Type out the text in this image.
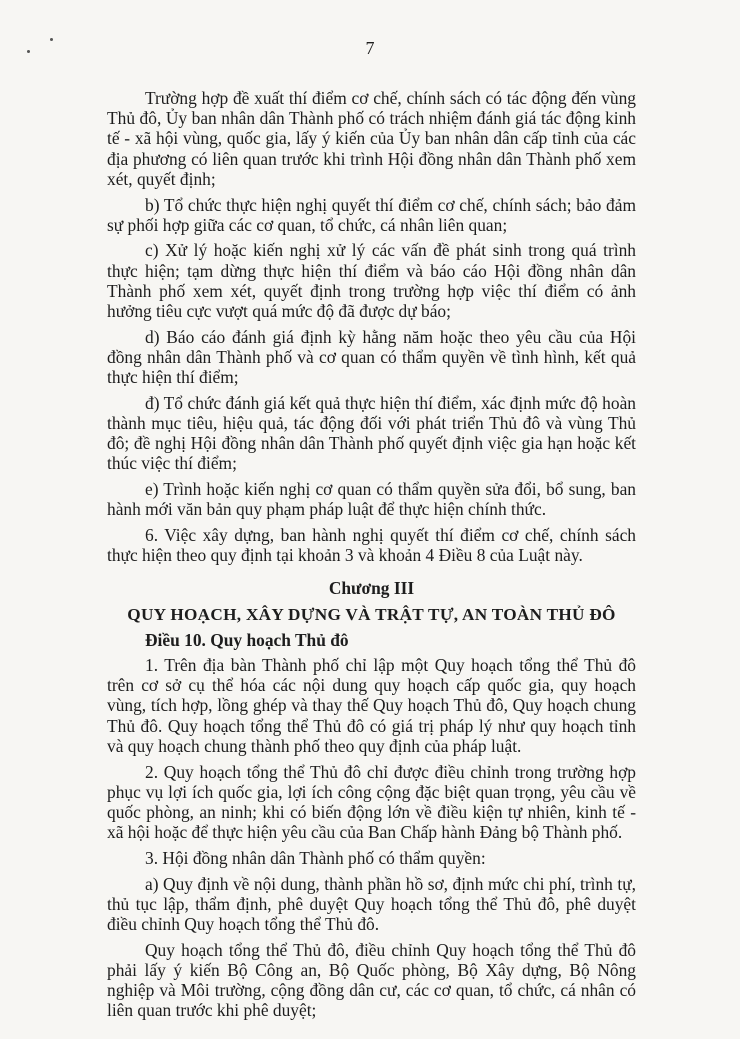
7

Trường hợp đề xuất thí điểm cơ chế, chính sách có tác động đến vùng Thủ đô, Ủy ban nhân dân Thành phố có trách nhiệm đánh giá tác động kinh tế - xã hội vùng, quốc gia, lấy ý kiến của Ủy ban nhân dân cấp tỉnh của các địa phương có liên quan trước khi trình Hội đồng nhân dân Thành phố xem xét, quyết định;

b) Tổ chức thực hiện nghị quyết thí điểm cơ chế, chính sách; bảo đảm sự phối hợp giữa các cơ quan, tổ chức, cá nhân liên quan;

c) Xử lý hoặc kiến nghị xử lý các vấn đề phát sinh trong quá trình thực hiện; tạm dừng thực hiện thí điểm và báo cáo Hội đồng nhân dân Thành phố xem xét, quyết định trong trường hợp việc thí điểm có ảnh hưởng tiêu cực vượt quá mức độ đã được dự báo;

d) Báo cáo đánh giá định kỳ hằng năm hoặc theo yêu cầu của Hội đồng nhân dân Thành phố và cơ quan có thẩm quyền về tình hình, kết quả thực hiện thí điểm;

đ) Tổ chức đánh giá kết quả thực hiện thí điểm, xác định mức độ hoàn thành mục tiêu, hiệu quả, tác động đối với phát triển Thủ đô và vùng Thủ đô; đề nghị Hội đồng nhân dân Thành phố quyết định việc gia hạn hoặc kết thúc việc thí điểm;

e) Trình hoặc kiến nghị cơ quan có thẩm quyền sửa đổi, bổ sung, ban hành mới văn bản quy phạm pháp luật để thực hiện chính thức.

6. Việc xây dựng, ban hành nghị quyết thí điểm cơ chế, chính sách thực hiện theo quy định tại khoản 3 và khoản 4 Điều 8 của Luật này.

Chương III
QUY HOẠCH, XÂY DỰNG VÀ TRẬT TỰ, AN TOÀN THỦ ĐÔ
Điều 10. Quy hoạch Thủ đô

1. Trên địa bàn Thành phố chỉ lập một Quy hoạch tổng thể Thủ đô trên cơ sở cụ thể hóa các nội dung quy hoạch cấp quốc gia, quy hoạch vùng, tích hợp, lồng ghép và thay thế Quy hoạch Thủ đô, Quy hoạch chung Thủ đô. Quy hoạch tổng thể Thủ đô có giá trị pháp lý như quy hoạch tỉnh và quy hoạch chung thành phố theo quy định của pháp luật.

2. Quy hoạch tổng thể Thủ đô chỉ được điều chỉnh trong trường hợp phục vụ lợi ích quốc gia, lợi ích công cộng đặc biệt quan trọng, yêu cầu về quốc phòng, an ninh; khi có biến động lớn về điều kiện tự nhiên, kinh tế - xã hội hoặc để thực hiện yêu cầu của Ban Chấp hành Đảng bộ Thành phố.

3. Hội đồng nhân dân Thành phố có thẩm quyền:

a) Quy định về nội dung, thành phần hồ sơ, định mức chi phí, trình tự, thủ tục lập, thẩm định, phê duyệt Quy hoạch tổng thể Thủ đô, phê duyệt điều chỉnh Quy hoạch tổng thể Thủ đô.

Quy hoạch tổng thể Thủ đô, điều chỉnh Quy hoạch tổng thể Thủ đô phải lấy ý kiến Bộ Công an, Bộ Quốc phòng, Bộ Xây dựng, Bộ Nông nghiệp và Môi trường, cộng đồng dân cư, các cơ quan, tổ chức, cá nhân có liên quan trước khi phê duyệt;
